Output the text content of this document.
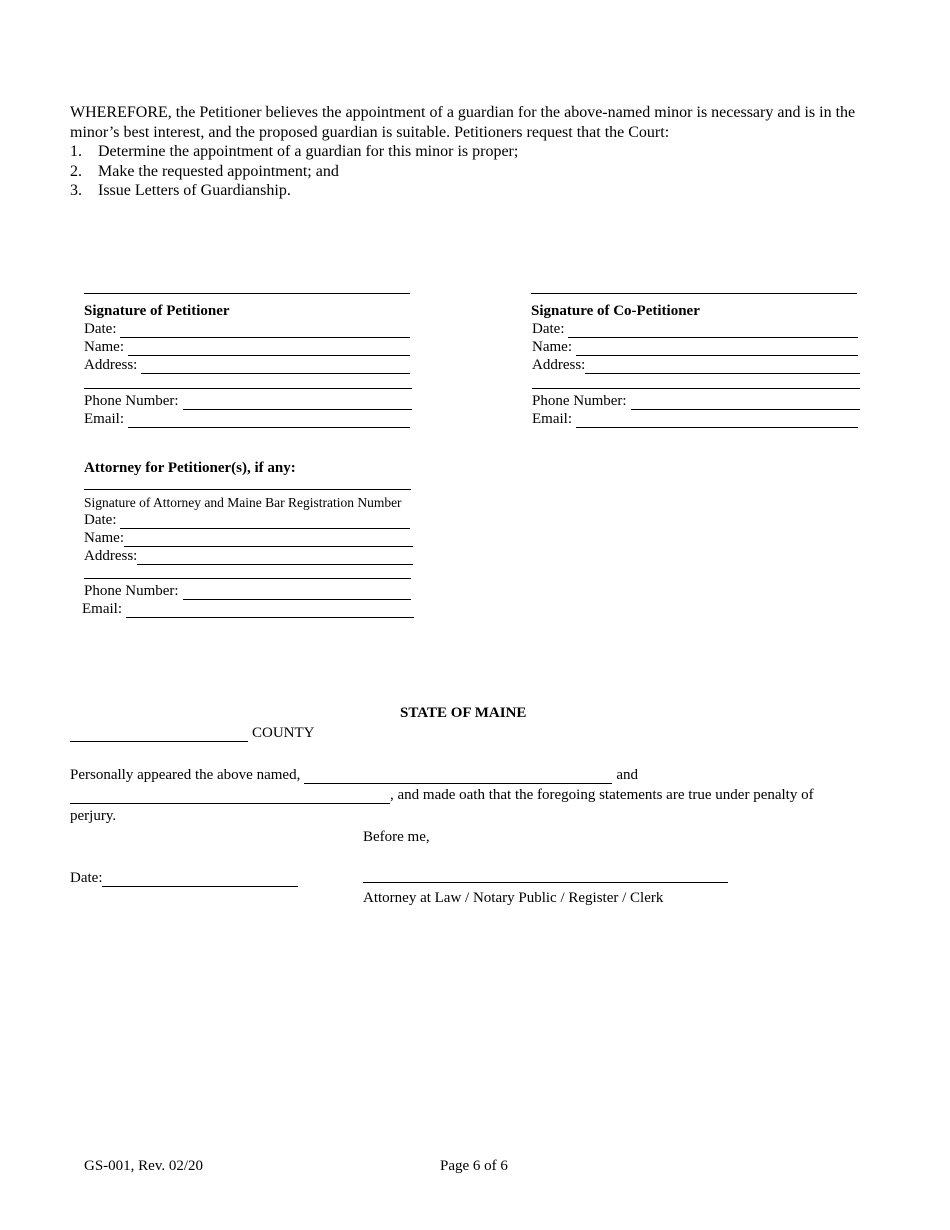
WHEREFORE, the Petitioner believes the appointment of a guardian for the above-named minor is necessary and is in the minor’s best interest, and the proposed guardian is suitable. Petitioners request that the Court:
1.	Determine the appointment of a guardian for this minor is proper;
2.	Make the requested appointment; and
3.	Issue Letters of Guardianship.
Signature of Petitioner
Date:
Name:
Address:
Phone Number:
Email:
Signature of Co-Petitioner
Date:
Name:
Address:
Phone Number:
Email:
Attorney for Petitioner(s), if any:
Signature of Attorney and Maine Bar Registration Number
Date:
Name:
Address:
Phone Number:
Email:
STATE OF MAINE
COUNTY
Personally appeared the above named,	and
, and made oath that the foregoing statements are true under penalty of
perjury.
Before me,
Date:
Attorney at Law / Notary Public / Register / Clerk
GS-001, Rev. 02/20	Page 6 of 6
